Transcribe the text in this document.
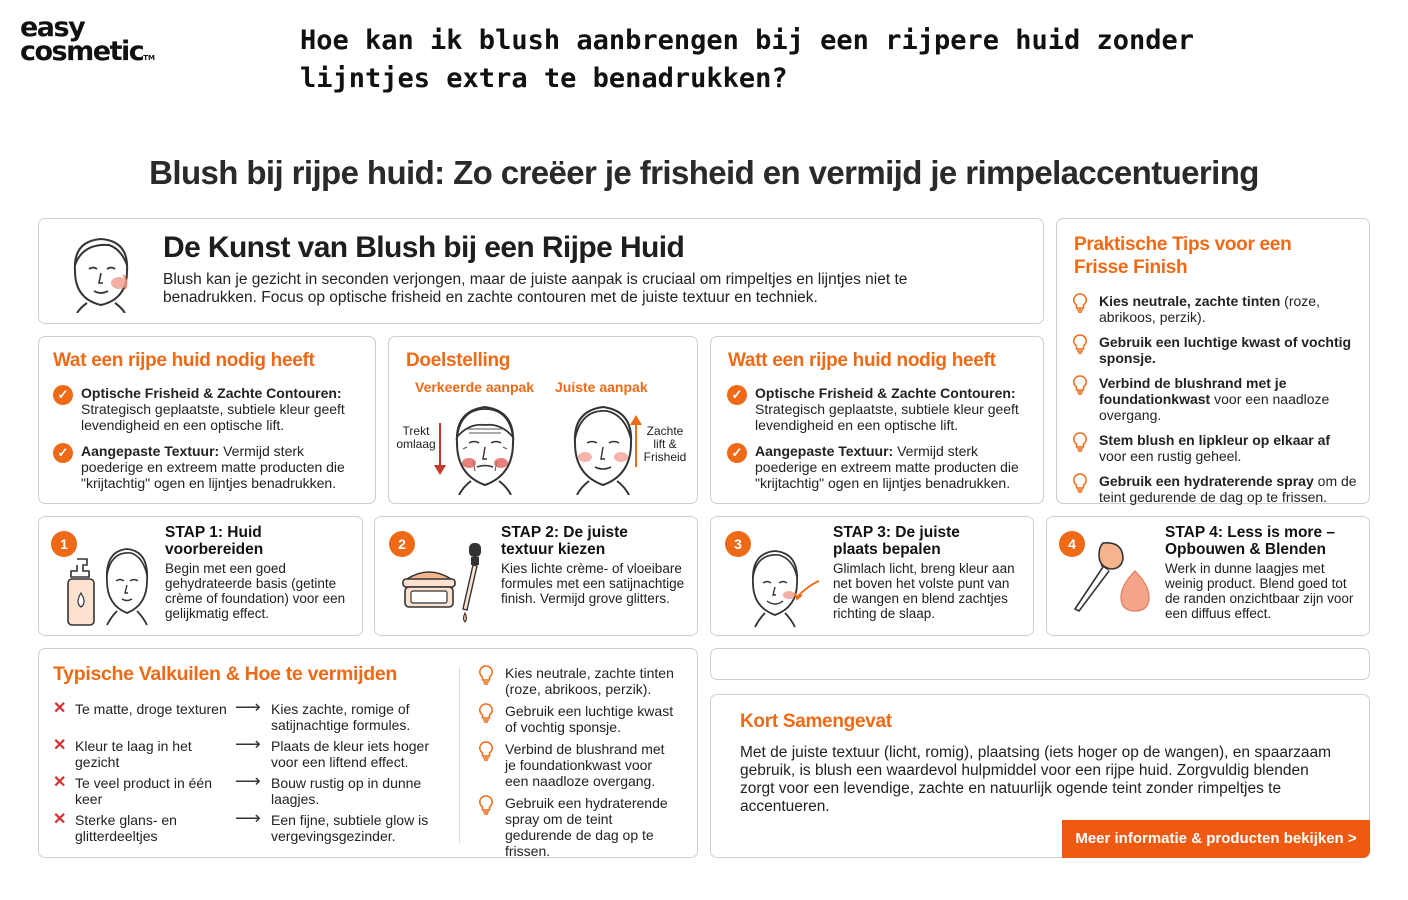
easy
cosmetic™
Hoe kan ik blush aanbrengen bij een rijpere huid zonder lijntjes extra te benadrukken?
Blush bij rijpe huid: Zo creëer je frisheid en vermijd je rimpelaccentuering
De Kunst van Blush bij een Rijpe Huid
Blush kan je gezicht in seconden verjongen, maar de juiste aanpak is cruciaal om rimpeltjes en lijntjes niet te benadrukken. Focus op optische frisheid en zachte contouren met de juiste textuur en techniek.
Praktische Tips voor een Frisse Finish
Kies neutrale, zachte tinten (roze, abrikoos, perzik).
Gebruik een luchtige kwast of vochtig sponsje.
Verbind de blushrand met je foundationkwast voor een naadloze overgang.
Stem blush en lipkleur op elkaar af voor een rustig geheel.
Gebruik een hydraterende spray om de teint gedurende de dag op te frissen.
Wat een rijpe huid nodig heeft
✓ Optische Frisheid & Zachte Contouren: Strategisch geplaatste, subtiele kleur geeft levendigheid en een optische lift.
✓ Aangepaste Textuur: Vermijd sterk poederige en extreem matte producten die "krijtachtig" ogen en lijntjes benadrukken.
Doelstelling
Verkeerde aanpak Juiste aanpak
Trekt omlaag
Zachte lift & Frisheid
Watt een rijpe huid nodig heeft
✓ Optische Frisheid & Zachte Contouren: Strategisch geplaatste, subtiele kleur geeft levendigheid en een optische lift.
✓ Aangepaste Textuur: Vermijd sterk poederige en extreem matte producten die "krijtachtig" ogen en lijntjes benadrukken.
1
STAP 1: Huid voorbereiden
Begin met een goed gehydrateerde basis (getinte crème of foundation) voor een gelijkmatig effect.
2
STAP 2: De juiste textuur kiezen
Kies lichte crème- of vloeibare formules met een satijnachtige finish. Vermijd grove glitters.
3
STAP 3: De juiste plaats bepalen
Glimlach licht, breng kleur aan net boven het volste punt van de wangen en blend zachtjes richting de slaap.
4
STAP 4: Less is more – Opbouwen & Blenden
Werk in dunne laagjes met weinig product. Blend goed tot de randen onzichtbaar zijn voor een diffuus effect.
Typische Valkuilen & Hoe te vermijden
✕ Te matte, droge texturen ⟶ Kies zachte, romige of satijnachtige formules.
✕ Kleur te laag in het gezicht
⟶ Plaats de kleur iets hoger voor een liftend effect.
✕ Te veel product in één keer
⟶ Bouw rustig op in dunne laagjes.
✕ Sterke glans- en glitterdeeltjes
⟶ Een fijne, subtiele glow is vergevingsgezinder.
Kies neutrale, zachte tinten (roze, abrikoos, perzik).
Gebruik een luchtige kwast of vochtig sponsje.
Verbind de blushrand met je foundationkwast voor een naadloze overgang.
Gebruik een hydraterende spray om de teint gedurende de dag op te frissen.
Kort Samengevat
Met de juiste textuur (licht, romig), plaatsing (iets hoger op de wangen), en spaarzaam gebruik, is blush een waardevol hulpmiddel voor een rijpe huid. Zorgvuldig blenden zorgt voor een levendige, zachte en natuurlijk ogende teint zonder rimpeltjes te accentueren.
Meer informatie & producten bekijken >
